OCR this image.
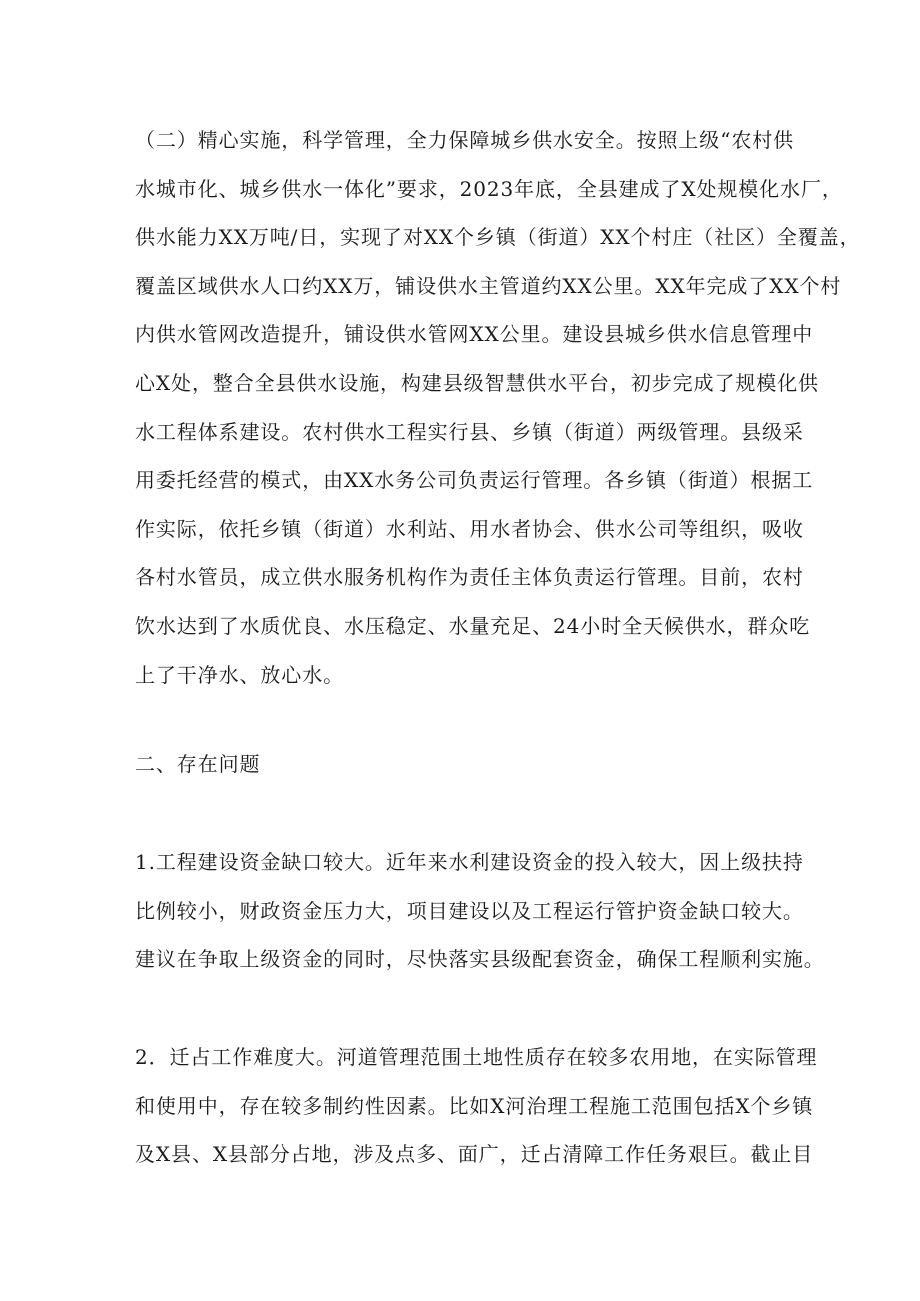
（二）精心实施，科学管理，全力保障城乡供水安全。按照上级“农村供
水城市化、城乡供水一体化”要求，2023年底，全县建成了X处规模化水厂，
供水能力XX万吨/日，实现了对XX个乡镇（街道）XX个村庄（社区）全覆盖，
覆盖区域供水人口约XX万，铺设供水主管道约XX公里。XX年完成了XX个村
内供水管网改造提升，铺设供水管网XX公里。建设县城乡供水信息管理中
心X处，整合全县供水设施，构建县级智慧供水平台，初步完成了规模化供
水工程体系建设。农村供水工程实行县、乡镇（街道）两级管理。县级采
用委托经营的模式，由XX水务公司负责运行管理。各乡镇（街道）根据工
作实际，依托乡镇（街道）水利站、用水者协会、供水公司等组织，吸收
各村水管员，成立供水服务机构作为责任主体负责运行管理。目前，农村
饮水达到了水质优良、水压稳定、水量充足、24小时全天候供水，群众吃
上了干净水、放心水。
二、存在问题
1.工程建设资金缺口较大。近年来水利建设资金的投入较大，因上级扶持
比例较小，财政资金压力大，项目建设以及工程运行管护资金缺口较大。
建议在争取上级资金的同时，尽快落实县级配套资金，确保工程顺利实施。
2．迁占工作难度大。河道管理范围土地性质存在较多农用地，在实际管理
和使用中，存在较多制约性因素。比如X河治理工程施工范围包括X个乡镇
及X县、X县部分占地，涉及点多、面广，迁占清障工作任务艰巨。截止目
